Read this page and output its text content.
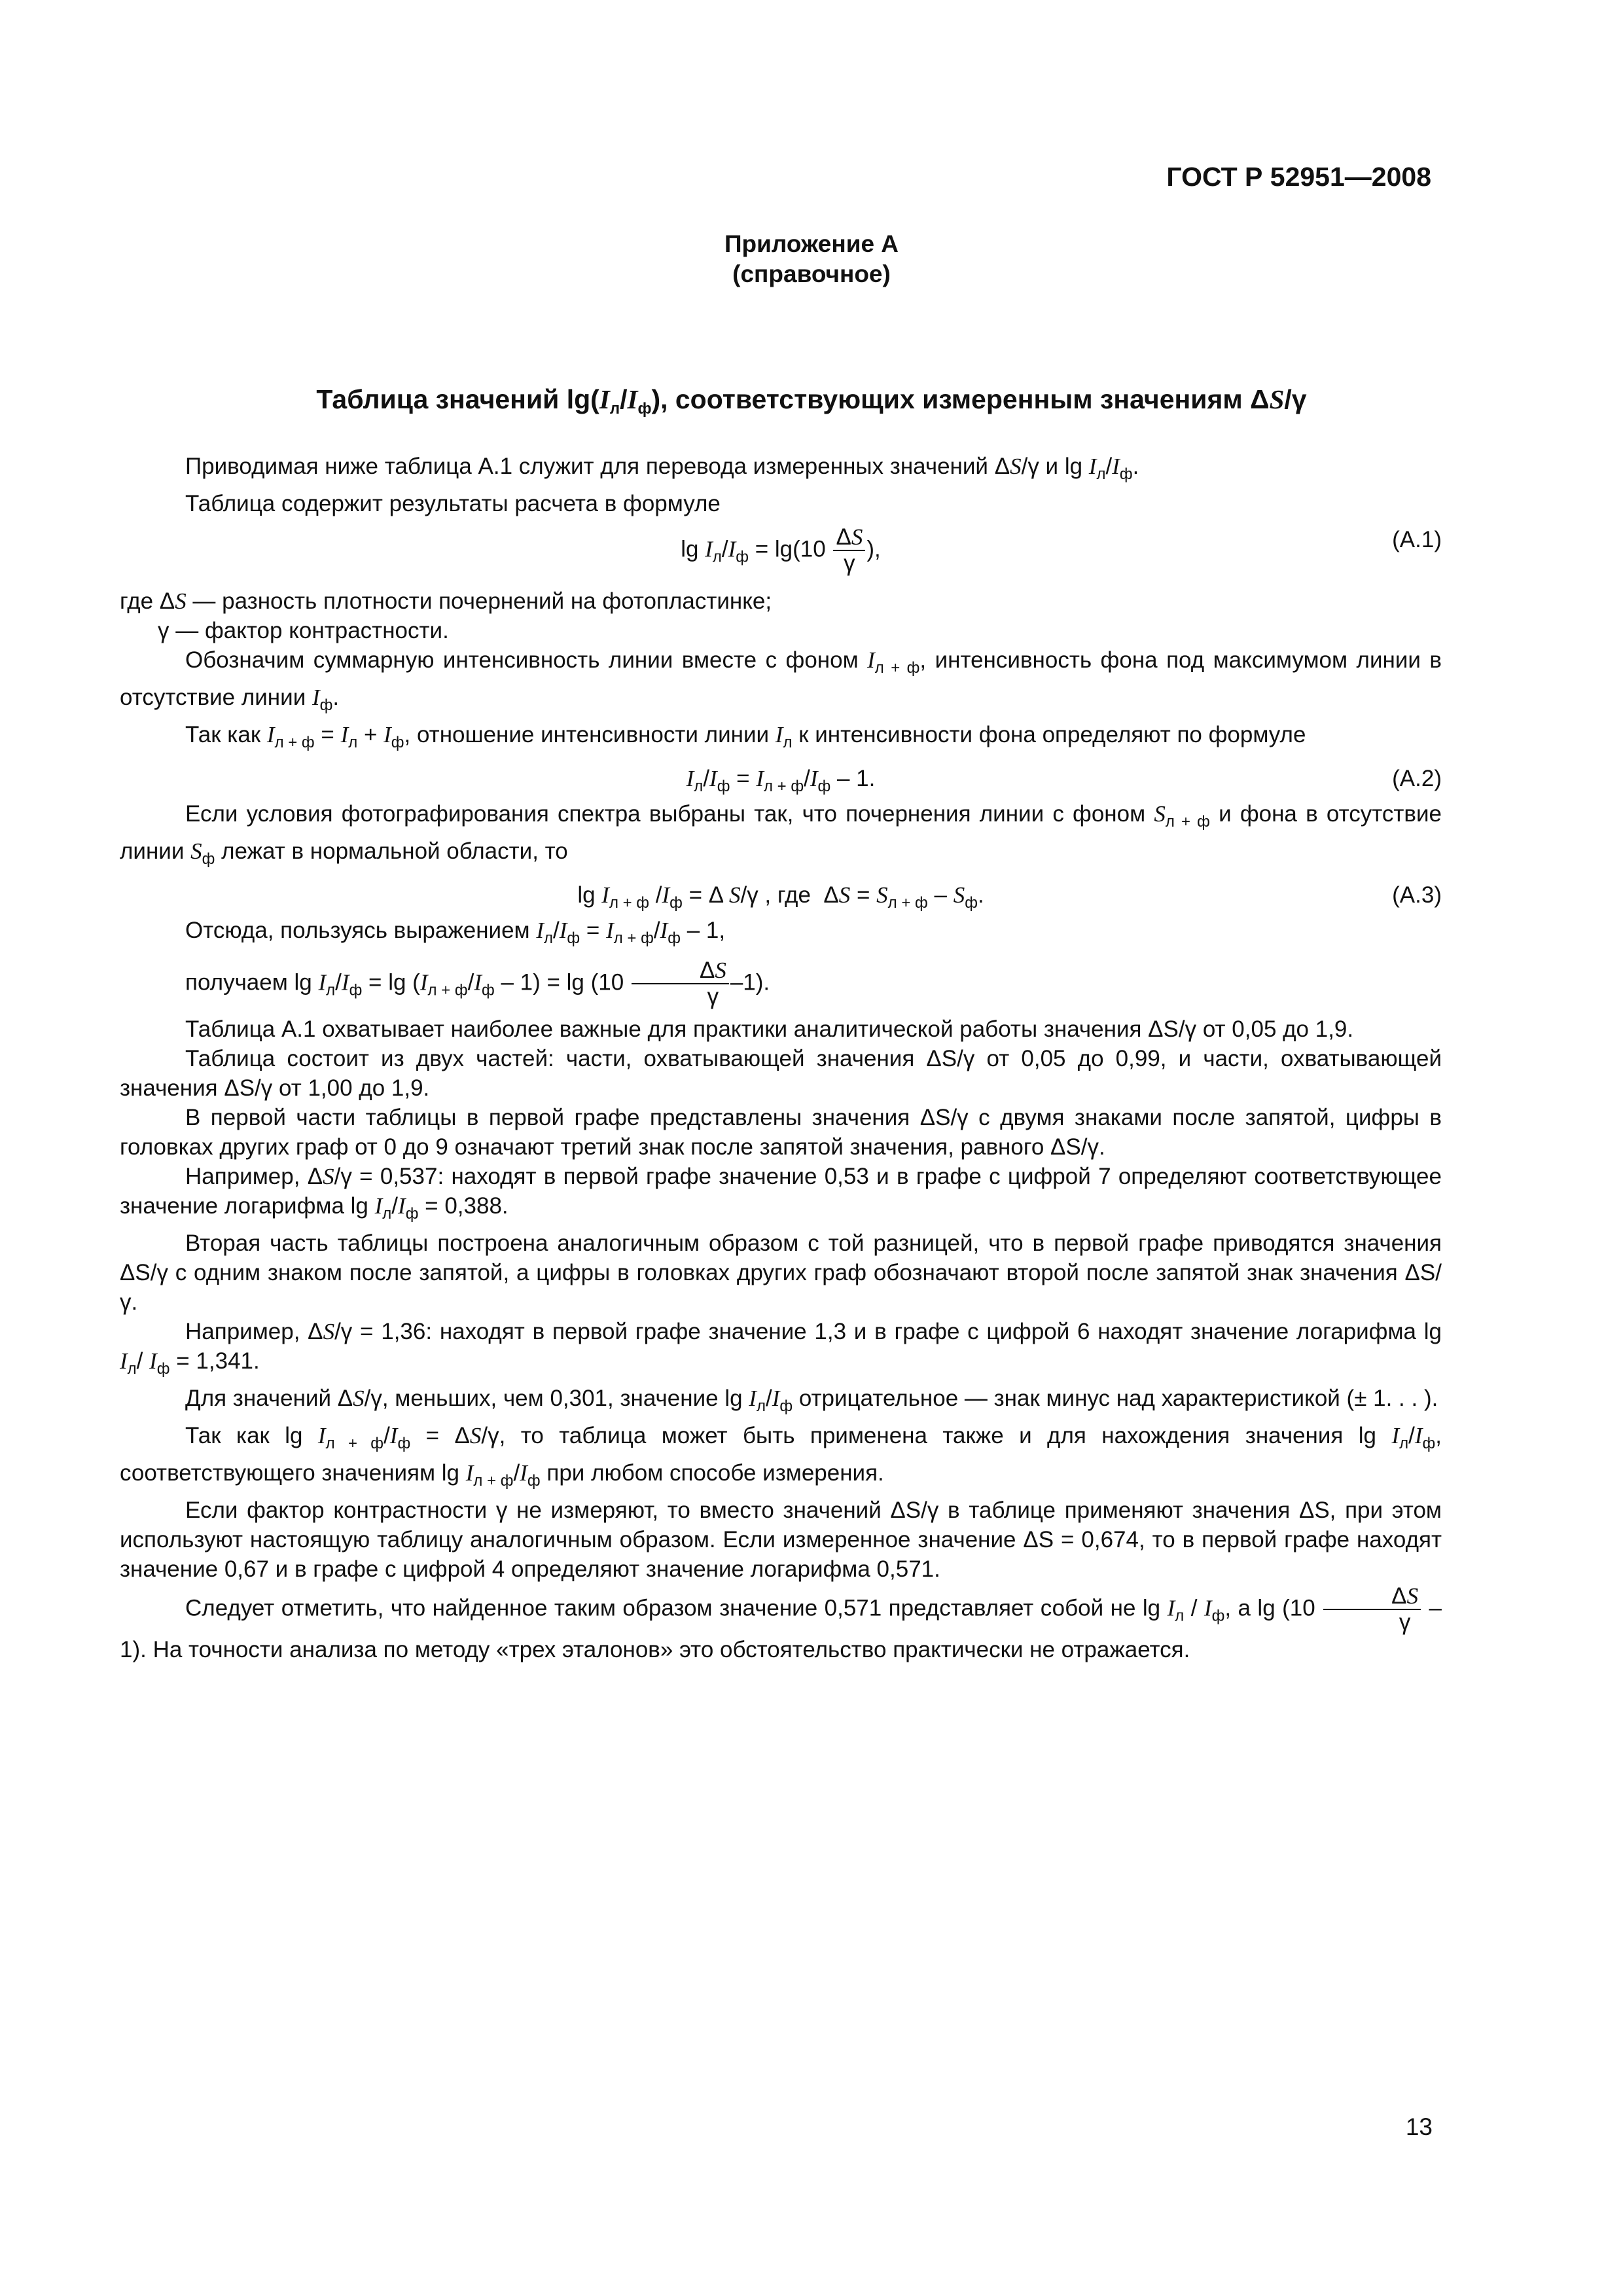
ГОСТ Р 52951—2008
Приложение А
(справочное)
Таблица значений $\lg(I_л/I_ф)$, соответствующих измеренным значениям ΔS/γ

Приводимая ниже таблица А.1 служит для перевода измеренных значений ΔS/γ и $\lg I_л/I_ф$.

Таблица содержит результаты расчета в формуле

$\lg I_л/I_ф = \lg(10 \frac{\Delta S}{\gamma}$ ),	(А.1)

где ΔS — разность плотности почернений на фотопластинке;

γ — фактор контрастности.

Обозначим суммарную интенсивность линии вместе с фоном $I_{л + ф}$, интенсивность фона под максимумом линии в отсутствие линии $I_ф$.

Так как $I_{л + ф} = I_л + I_ф$, отношение интенсивности линии $I_л$ к интенсивности фона определяют по формуле

$I_л/I_ф = I_{л + ф}/I_ф - 1$.	(А.2)

Если условия фотографирования спектра выбраны так, что почернения линии с фоном $S_{л + ф}$ и фона в отсутствие линии $S_ф$ лежат в нормальной области, то

$\lg I_{л + ф}$ $/I_ф = \Delta$ S/γ , где  $\Delta S = S_{л + ф} - S_ф$.	(А.3)

Отсюда, пользуясь выражением $I_л/I_ф = I_{л + ф}/I_ф - 1$,

получаем $\lg I_л/I_ф = \lg (I_{л + ф}/I_ф - 1) = \lg (10 \frac{\Delta S}{\gamma} -1)$.

Таблица А.1 охватывает наиболее важные для практики аналитической работы значения ΔS/γ от 0,05 до 1,9.

Таблица состоит из двух частей: части, охватывающей значения ΔS/γ от 0,05 до 0,99, и части, охватывающей значения ΔS/γ от 1,00 до 1,9.

В первой части таблицы в первой графе представлены значения ΔS/γ с двумя знаками после запятой, цифры в головках других граф от 0 до 9 означают третий знак после запятой значения, равного ΔS/γ.

Например, ΔS/γ = 0,537: находят в первой графе значение 0,53 и в графе с цифрой 7 определяют соответствующее значение логарифма $\lg I_л/I_ф = 0,388$.

Вторая часть таблицы построена аналогичным образом с той разницей, что в первой графе приводятся значения ΔS/γ с одним знаком после запятой, а цифры в головках других граф обозначают второй после запятой знак значения ΔS/γ.

Например, ΔS/γ = 1,36: находят в первой графе значение 1,3 и в графе с цифрой 6 находят значение логарифма $\lg I_л/$ $I_ф = 1,341$.

Для значений ΔS/γ, меньших, чем 0,301, значение $\lg I_л/I_ф$ отрицательное — знак минус над характеристикой (± 1. . . ).

Так как $\lg I_{л + ф}/I_ф = \Delta S/\gamma$, то таблица может быть применена также и для нахождения значения $\lg I_л/I_ф$, соответствующего значениям $\lg I_{л + ф}/I_ф$ при любом способе измерения.

Если фактор контрастности γ не измеряют, то вместо значений ΔS/γ в таблице применяют значения ΔS, при этом используют настоящую таблицу аналогичным образом. Если измеренное значение ΔS = 0,674, то в первой графе находят значение 0,67 и в графе с цифрой 4 определяют значение логарифма 0,571.

Следует отметить, что найденное таким образом значение 0,571 представляет собой не $\lg I_л / I_ф$, а $\lg (10 \frac{\Delta S}{\gamma} - 1)$. На точности анализа по методу «трех эталонов» это обстоятельство практически не отражается.

13
